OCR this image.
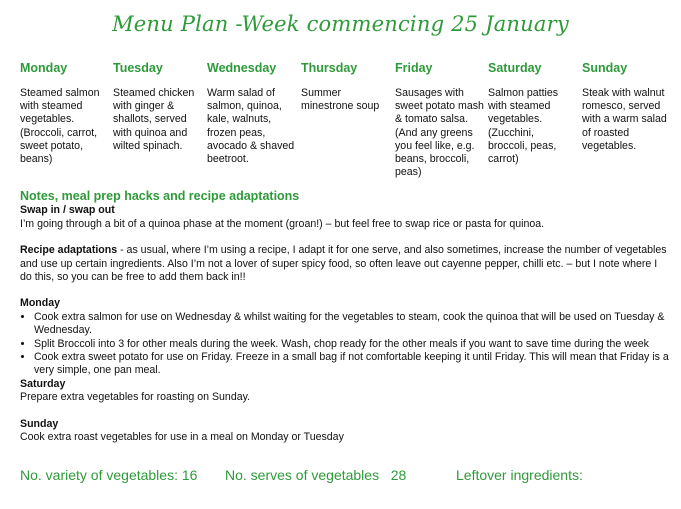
Menu Plan -Week commencing 25 January
Monday
Steamed salmon with steamed vegetables.
(Broccoli, carrot, sweet potato, beans)
Tuesday
Steamed chicken with ginger & shallots, served with quinoa and wilted spinach.
Wednesday
Warm salad of salmon, quinoa, kale, walnuts, frozen peas, avocado & shaved beetroot.
Thursday
Summer minestrone soup
Friday
Sausages with sweet potato mash & tomato salsa. (And any greens you feel like, e.g. beans, broccoli, peas)
Saturday
Salmon patties with steamed vegetables.
(Zucchini, broccoli, peas, carrot)
Sunday
Steak with walnut romesco, served with a warm salad of roasted vegetables.
Notes, meal prep hacks and recipe adaptations
Swap in / swap out
I’m going through a bit of a quinoa phase at the moment (groan!) – but feel free to swap rice or pasta for quinoa.
Recipe adaptations - as usual, where I’m using a recipe, I adapt it for one serve, and also sometimes, increase the number of vegetables and use up certain ingredients. Also I’m not a lover of super spicy food, so often leave out cayenne pepper, chilli etc. – but I note where I do this, so you can be free to add them back in!!
Monday
• Cook extra salmon for use on Wednesday & whilst waiting for the vegetables to steam, cook the quinoa that will be used on Tuesday & Wednesday.
• Split Broccoli into 3 for other meals during the week. Wash, chop ready for the other meals if you want to save time during the week
• Cook extra sweet potato for use on Friday. Freeze in a small bag if not comfortable keeping it until Friday. This will mean that Friday is a very simple, one pan meal.
Saturday
Prepare extra vegetables for roasting on Sunday.
Sunday
Cook extra roast vegetables for use in a meal on Monday or Tuesday
No. variety of vegetables: 16 No. serves of vegetables   28	Leftover ingredients:
